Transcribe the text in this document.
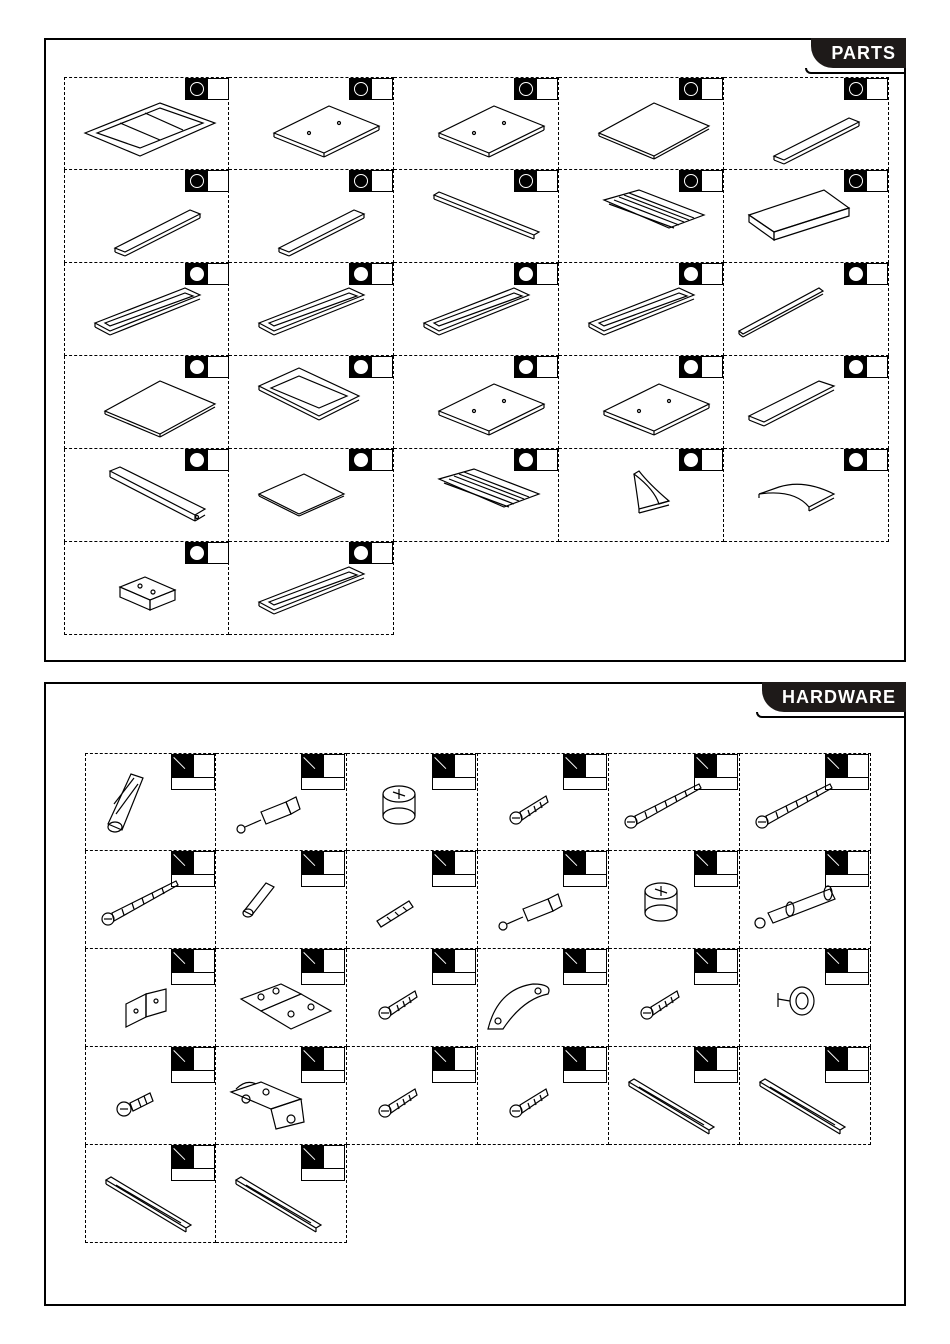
PARTS
HARDWARE
